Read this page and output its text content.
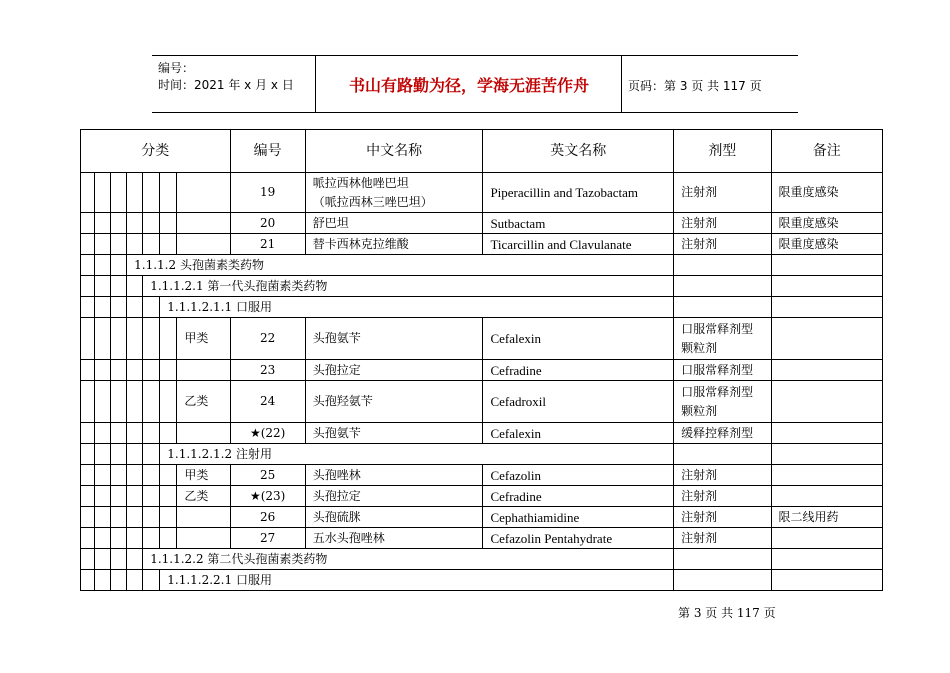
编号：
时间：2021 年 x 月 x 日	书山有路勤为径，学海无涯苦作舟	页码：第 3 页 共 117 页
分类							编号	中文名称	英文名称	剂型	备注
							19	哌拉西林他唑巴坦
（哌拉西林三唑巴坦）	Piperacillin and Tazobactam	注射剂	限重度感染
							20	舒巴坦	Sutbactam	注射剂	限重度感染
							21	替卡西林克拉维酸	Ticarcillin and Clavulanate	注射剂	限重度感染
			1.1.1.2 头孢菌素类药物								
				1.1.1.2.1 第一代头孢菌素类药物							
					1.1.1.2.1.1 口服用						
						甲类	22	头孢氨苄	Cefalexin	口服常释剂型
颗粒剂	

							23	头孢拉定	Cefradine	口服常释剂型	
						乙类	24	头孢羟氨苄	Cefadroxil	口服常释剂型
颗粒剂	

							★(22)	头孢氨苄	Cefalexin	缓释控释剂型	
					1.1.1.2.1.2 注射用						
						甲类	25	头孢唑林	Cefazolin	注射剂	
						乙类	★(23)	头孢拉定	Cefradine	注射剂	
							26	头孢硫脒	Cephathiamidine	注射剂	限二线用药
							27	五水头孢唑林	Cefazolin Pentahydrate	注射剂	
				1.1.1.2.2 第二代头孢菌素类药物							
					1.1.1.2.2.1 口服用						
第 3 页 共 117 页
